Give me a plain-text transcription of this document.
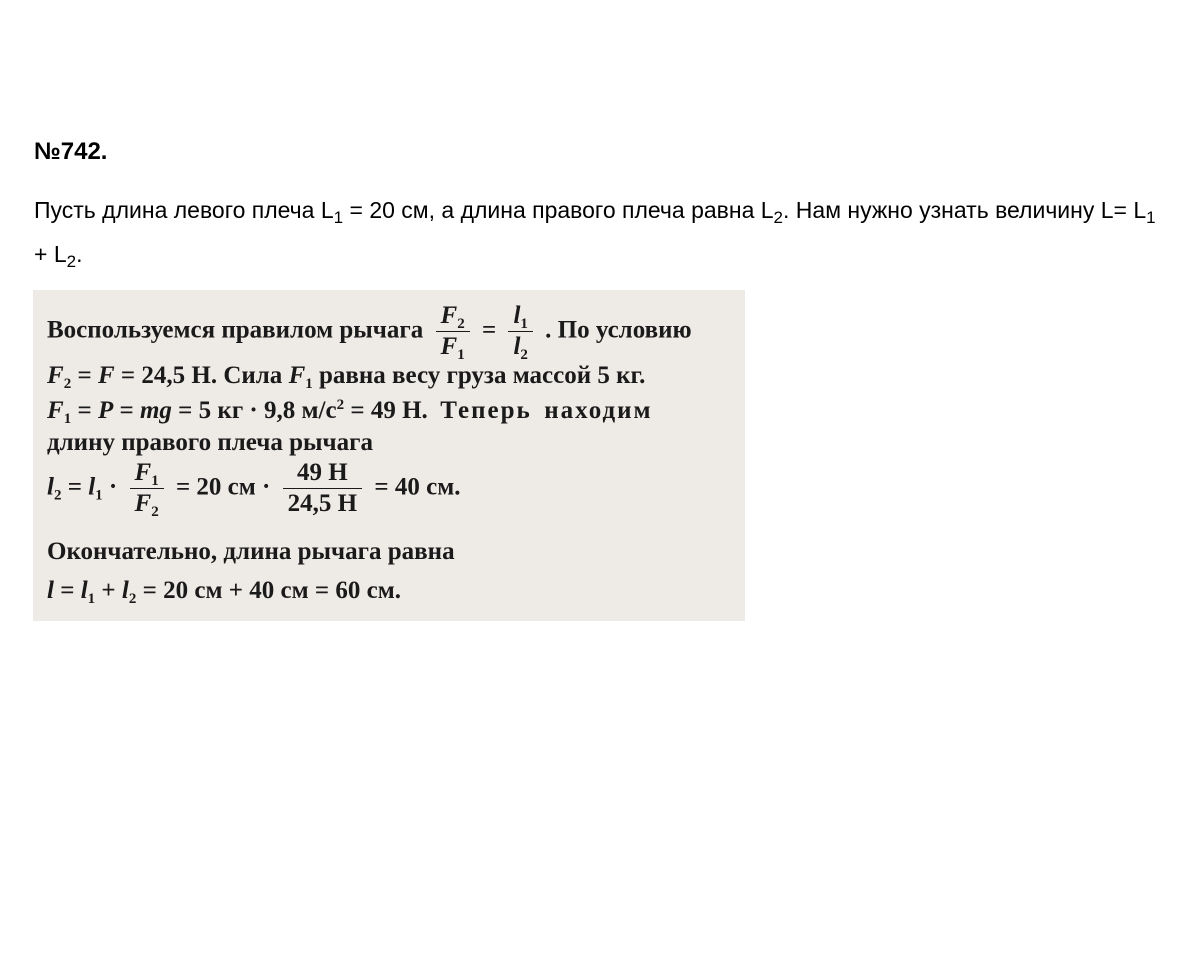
№742.

Пусть длина левого плеча $L_1 = 20$ см, а длина правого плеча равна $L_2$. Нам нужно узнать величину $L= L_1 + L_2$.

Воспользуемся правилом рычага $\frac{F_2}{F_1} = \frac{l_1}{l_2}$ . По условию
$F_2 = F = 24,5$ Н. Сила $F_1$ равна весу груза массой 5 кг.
$F_1 = P$ = mg = 5 кг · 9,8 $м/с^2 = 49$ Н. Теперь находим
длину правого плеча рычага
$l_2 = l_1 \cdot \frac{F_1}{F_2} = 20$ см · $\frac{49 Н}{24,5 Н} = 40$ см.
Окончательно, длина рычага равна
$l = l_1 + l_2 = 20$ см + 40 см = 60 см.
